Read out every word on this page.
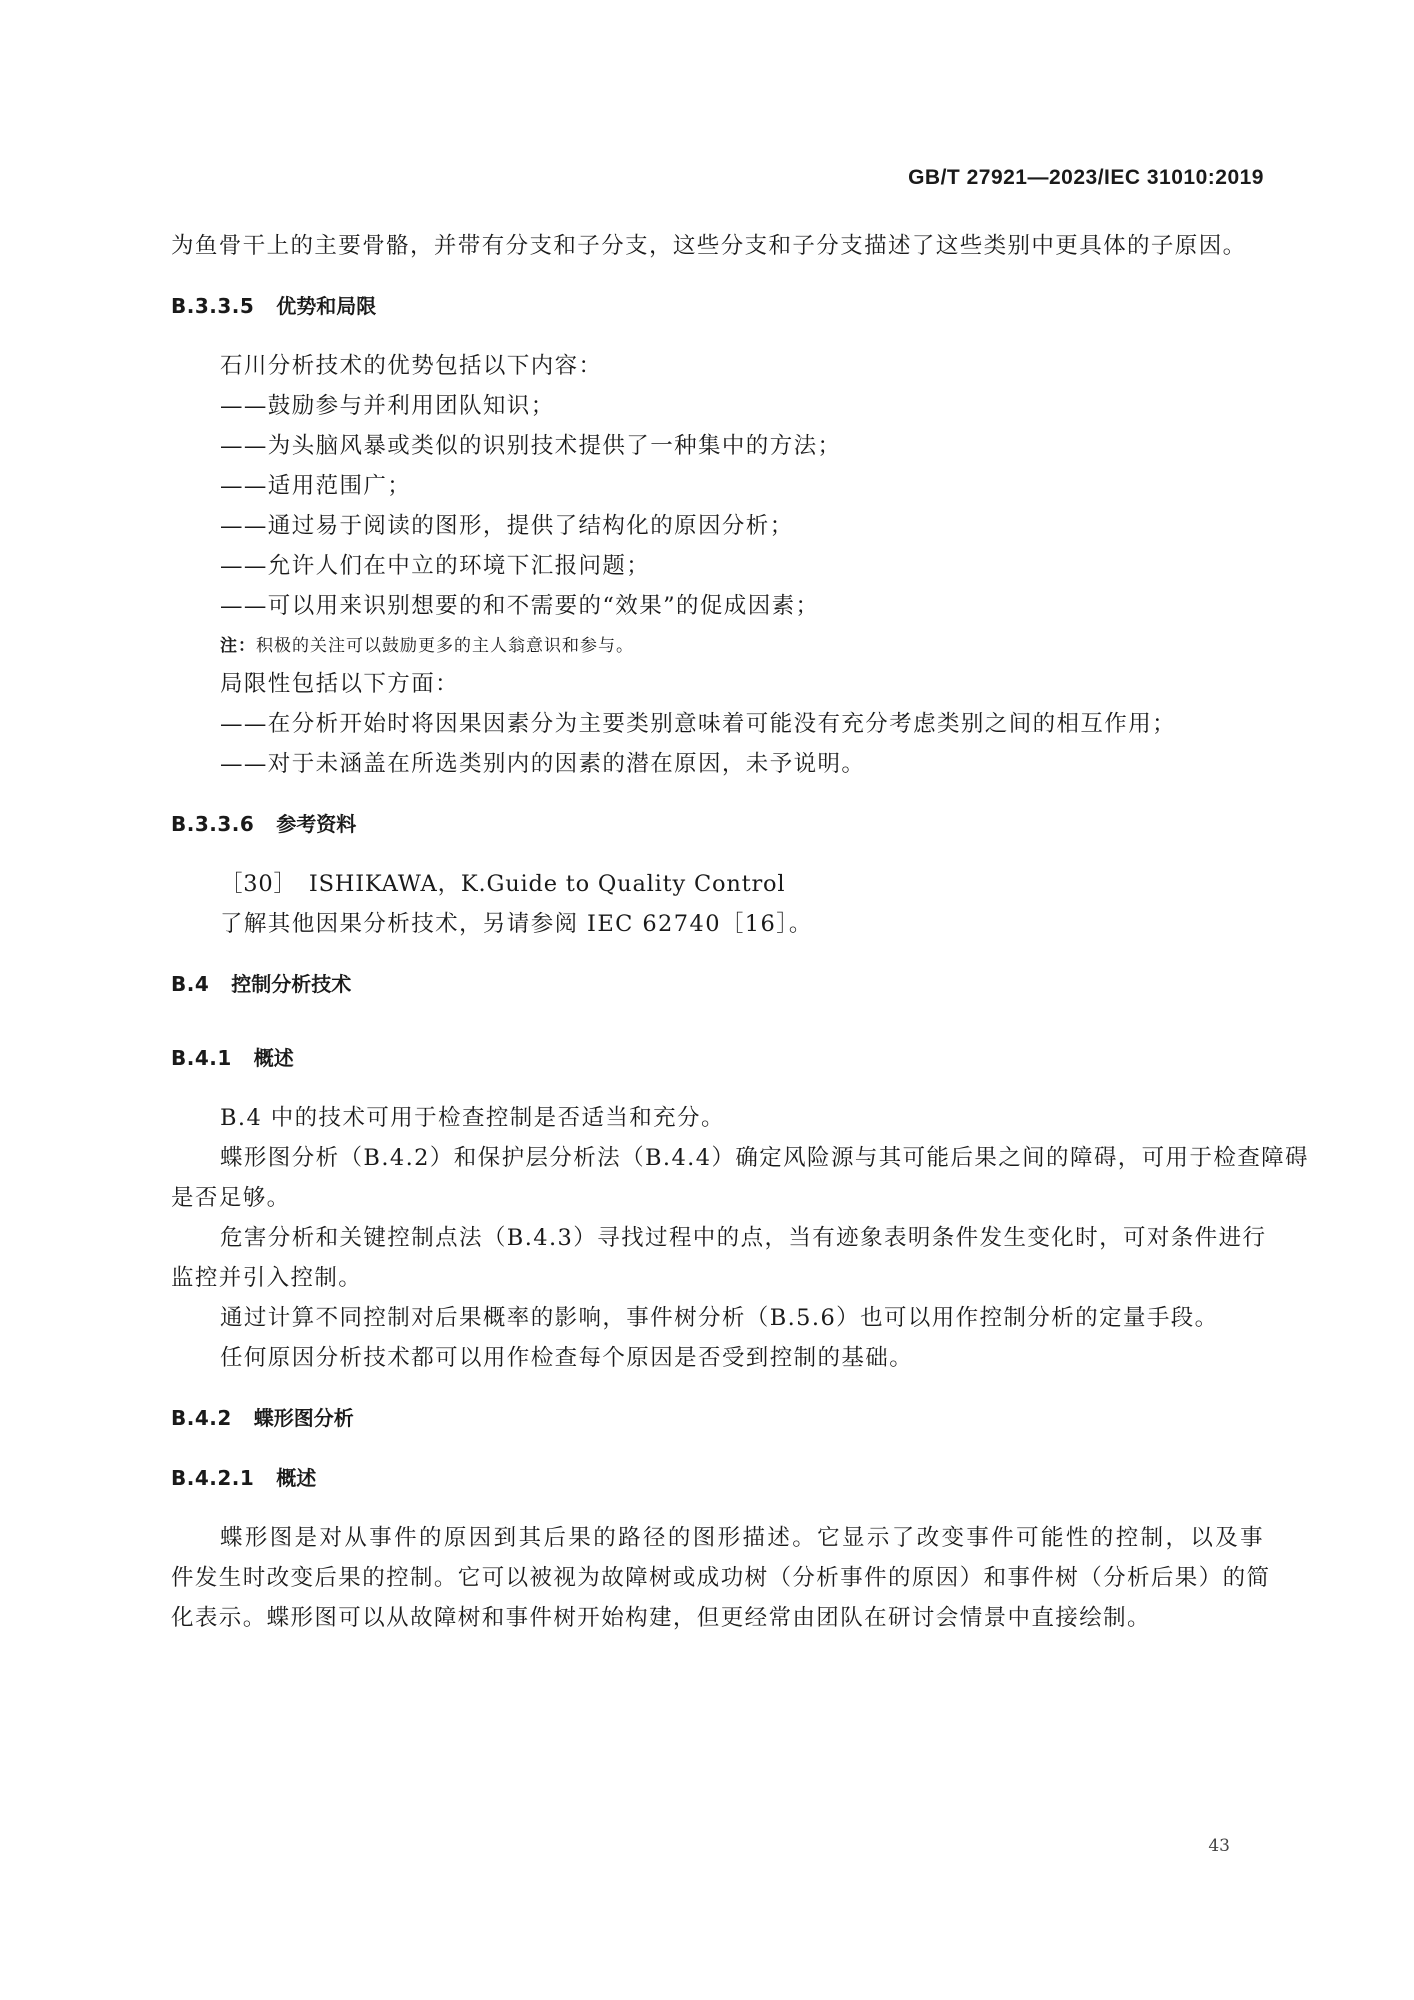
GB/T 27921—2023/IEC 31010:2019
为鱼骨干上的主要骨骼，并带有分支和子分支，这些分支和子分支描述了这些类别中更具体的子原因。
B.3.3.5 优势和局限
石川分析技术的优势包括以下内容：
——鼓励参与并利用团队知识；
——为头脑风暴或类似的识别技术提供了一种集中的方法；
——适用范围广；
——通过易于阅读的图形，提供了结构化的原因分析；
——允许人们在中立的环境下汇报问题；
——可以用来识别想要的和不需要的“效果”的促成因素；
注：积极的关注可以鼓励更多的主人翁意识和参与。
局限性包括以下方面：
——在分析开始时将因果因素分为主要类别意味着可能没有充分考虑类别之间的相互作用；
——对于未涵盖在所选类别内的因素的潜在原因，未予说明。
B.3.3.6 参考资料
［30］　ISHIKAWA，K.Guide to Quality Control
了解其他因果分析技术，另请参阅 IEC 62740［16］。
B.4 控制分析技术
B.4.1 概述
B.4 中的技术可用于检查控制是否适当和充分。
蝶形图分析（B.4.2）和保护层分析法（B.4.4）确定风险源与其可能后果之间的障碍，可用于检查障碍
是否足够。
危害分析和关键控制点法（B.4.3）寻找过程中的点，当有迹象表明条件发生变化时，可对条件进行
监控并引入控制。
通过计算不同控制对后果概率的影响，事件树分析（B.5.6）也可以用作控制分析的定量手段。
任何原因分析技术都可以用作检查每个原因是否受到控制的基础。
B.4.2 蝶形图分析
B.4.2.1 概述
蝶形图是对从事件的原因到其后果的路径的图形描述。它显示了改变事件可能性的控制，以及事
件发生时改变后果的控制。它可以被视为故障树或成功树（分析事件的原因）和事件树（分析后果）的简
化表示。蝶形图可以从故障树和事件树开始构建，但更经常由团队在研讨会情景中直接绘制。
43
